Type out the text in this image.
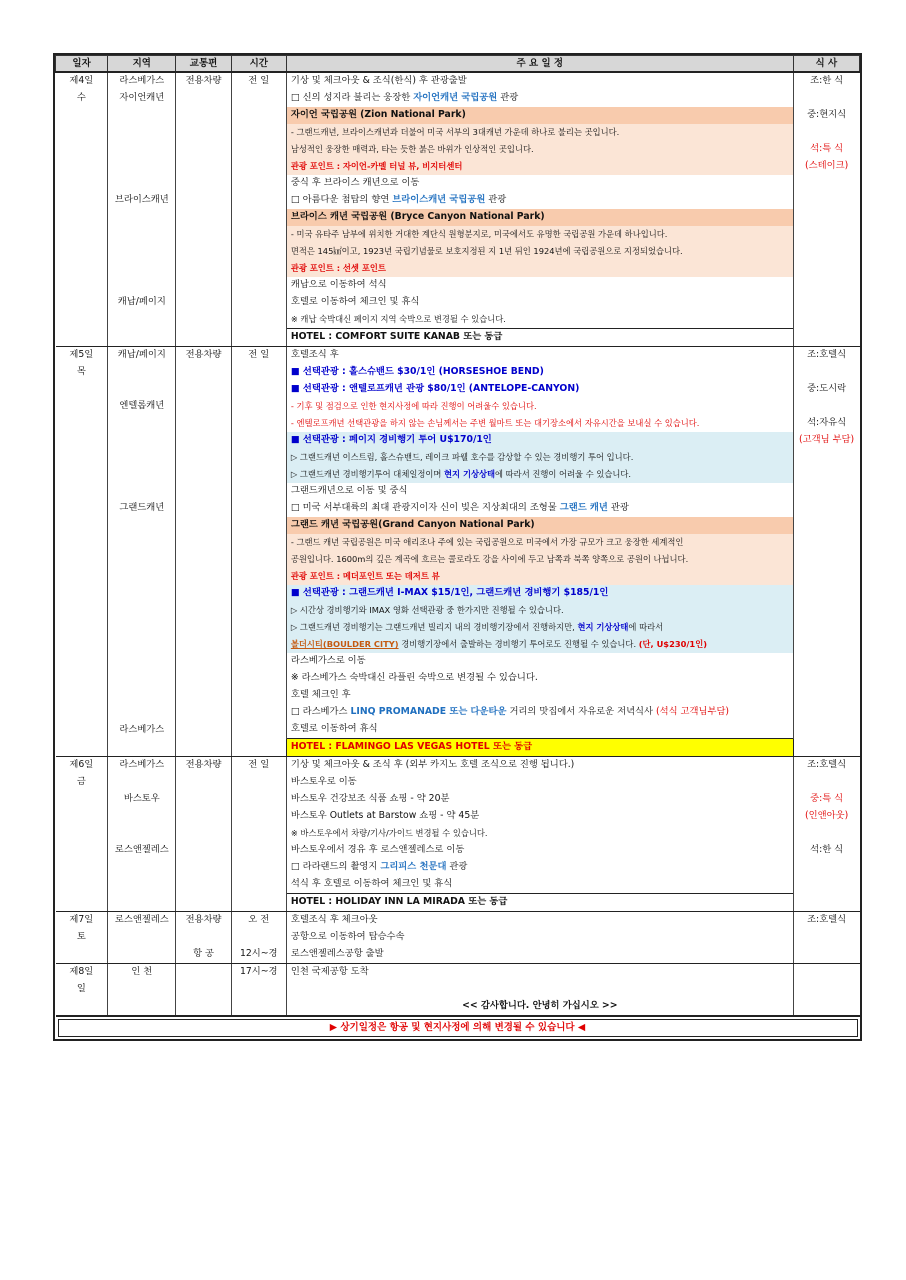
일자	지역	교통편	시간	주 요 일 정	식 사
제4일	라스베가스	전용차량	전 일	기상 및 체크아웃 & 조식(한식) 후 관광출발	조:한 식
수	자이언캐년			□ 신의 성지라 불리는 웅장한 자이언캐년 국립공원 관광	
				자이언 국립공원 (Zion National Park)	중:현지식
				- 그랜드캐년, 브라이스캐년과 더불어 미국 서부의 3대캐년 가운데 하나로 불리는 곳입니다.	
				남성적인 웅장한 매력과, 타는 듯한 붉은 바위가 인상적인 곳입니다.	석:특 식
				관광 포인트 : 자이언-카멜 터널 뷰, 비지터센터	(스테이크)
				중식 후 브라이스 캐년으로 이동	
	브라이스캐년			□ 아름다운 첨탑의 향연 브라이스캐년 국립공원 관광	
				브라이스 캐년 국립공원 (Bryce Canyon National Park)	
				- 미국 유타주 남부에 위치한 거대한 계단식 원형분지로, 미국에서도 유명한 국립공원 가운데 하나입니다.	
				면적은 145㎢이고, 1923년 국립기념물로 보호지정된 지 1년 뒤인 1924년에 국립공원으로 지정되었습니다.	
				관광 포인트 : 선셋 포인트	
				캐납으로 이동하여 석식	
	캐납/페이지			호텔로 이동하여 체크인 및 휴식	
				※ 캐납 숙박대신 페이지 지역 숙박으로 변경될 수 있습니다.	
				HOTEL : COMFORT SUITE KANAB 또는 동급	
제5일	캐납/페이지	전용차량	전 일	호텔조식 후	조:호텔식
목				■ 선택관광 : 홀스슈밴드 $30/1인 (HORSESHOE BEND)	
				■ 선택관광 : 앤텔로프캐년 관광 $80/1인 (ANTELOPE-CANYON)	중:도시락
	엔텔롭캐년			- 기후 및 점검으로 인한 현지사정에 따라 진행이 어려울수 있습니다.	
				- 엔텔로프캐년 선택관광을 하지 않는 손님께서는 주변 월마트 또는 대기장소에서 자유시간을 보내실 수 있습니다.	석:자유식
				■ 선택관광 : 페이지 경비행기 투어 U$170/1인	(고객님 부담)
				▷ 그랜드캐년 이스트림, 홀스슈밴드, 레이크 파웰 호수를 감상할 수 있는 경비행기 투어 입니다.	
				▷ 그랜드캐년 경비행기투어 대체일정이며 현지 기상상태에 따라서 진행이 어려울 수 있습니다.	
				그랜드캐년으로 이동 및 중식	
	그랜드캐년			□ 미국 서부대륙의 최대 관광지이자 신이 빚은 지상최대의 조형물 그랜드 캐년 관광	
				그랜드 캐년 국립공원(Grand Canyon National Park)	
				- 그랜드 캐년 국립공원은 미국 애리조나 주에 있는 국립공원으로 미국에서 가장 규모가 크고 웅장한 세계적인	
				공원입니다. 1600m의 깊은 계곡에 흐르는 콜로라도 강을 사이에 두고 남쪽과 북쪽 양쪽으로 공원이 나뉩니다.	
				관광 포인트 : 메더포인트 또는 데저트 뷰	
				■ 선택관광 : 그랜드캐년 I-MAX $15/1인, 그랜드캐년 경비행기 $185/1인	
				▷ 시간상 경비행기와 IMAX 영화 선택관광 중 한가지만 진행될 수 있습니다.	
				▷ 그랜드캐년 경비행기는 그랜드캐년 빌리지 내의 경비행기장에서 진행하지만, 현지 기상상태에 따라서	
				볼더시티(BOULDER CITY) 경비행기장에서 출발하는 경비행기 투어로도 진행될 수 있습니다. (단, U$230/1인)	
				라스베가스로 이동	
				※ 라스베가스 숙박대신 라플린 숙박으로 변경될 수 있습니다.	
				호텔 체크인 후	
				□ 라스베가스 LINQ PROMANADE 또는 다운타운 거리의 맛집에서 자유로운 저녁식사 (석식 고객님부담)	
	라스베가스			호텔로 이동하여 휴식	
				HOTEL : FLAMINGO LAS VEGAS HOTEL 또는 동급	
제6일	라스베가스	전용차량	전 일	기상 및 체크아웃 & 조식 후 (외부 카지노 호텔 조식으로 진행 됩니다.)	조:호텔식
금				바스토우로 이동	
	바스토우			바스토우 건강보조 식품 쇼핑 - 약 20분	중:특 식
				바스토우 Outlets at Barstow 쇼핑 - 약 45분	(인앤아웃)
				※ 바스토우에서 차량/기사/가이드 변경될 수 있습니다.	
	로스앤젤레스			바스토우에서 경유 후 로스앤젤레스로 이동	석:한 식
				□ 라라랜드의 촬영지 그리피스 천문대 관광	
				석식 후 호텔로 이동하여 체크인 및 휴식	
				HOTEL : HOLIDAY INN LA MIRADA 또는 동급	
제7일	로스앤젤레스	전용차량	오 전	호텔조식 후 체크아웃	조:호텔식
토				공항으로 이동하여 탑승수속	
		항 공	12시~경	로스앤젤레스공항 출발	
제8일	인 천		17시~경	인천 국제공항 도착	
일					
				<< 감사합니다. 안녕히 가십시오 >>	

▶ 상기일정은 항공 및 현지사정에 의해 변경될 수 있습니다 ◀					
